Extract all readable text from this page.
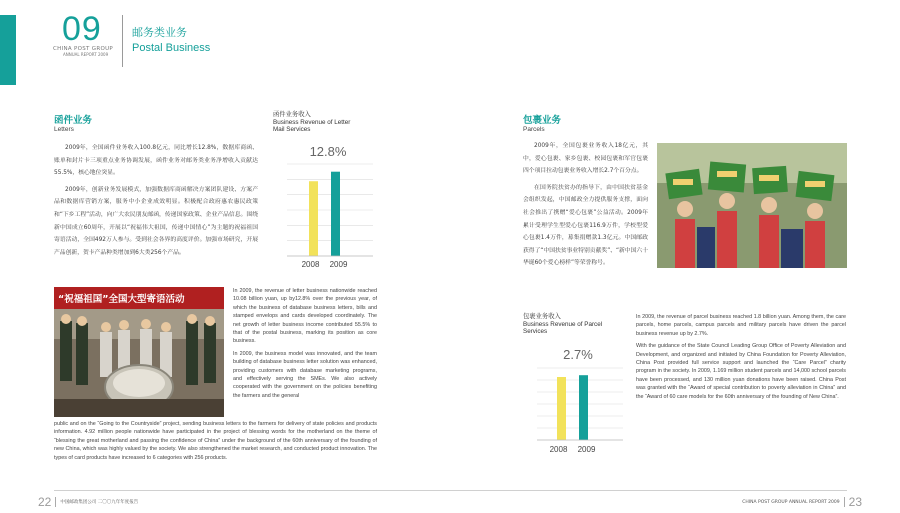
09
CHINA POST GROUP
ANNUAL REPORT 2009
邮务类业务
Postal Business
函件业务
Letters

2009年，全国函件业务收入100.8亿元，同比增长12.8%，数据库商函、账单和封片卡三项重点业务协调发展，函件业务对邮务类业务净增收入贡献达55.5%，核心地位突显。

2009年，创新业务发展模式，加强数据库商函解决方案团队建设、方案产品和数据库营销方案，服务中小企业成效明显。积极配合政府惠农惠民政策和“下乡工程”活动，向广大农民朋友邮函，传递国家政策、企业产品信息。围绕新中国成立60周年，开展以“祝福伟大祖国，传递中国情心”为主题的祝福祖国寄语活动，全国492万人参与。受到社会各界的高度评价。加强市场研究，开展产品创新，贺卡产品种类增加到6大类256个产品。

函件业务收入
Business Revenue of Letter
Mail Services
2008 2009
12.8%
“祝福祖国”全国大型寄语活动

In 2009, the revenue of letter business nationwide reached 10.08 billion yuan, up by12.8% over the previous year, of which the business of database business letters, bills and stamped envelops and cards developed coordinately. The net growth of letter business income contributed 55.5% to that of the postal business, marking its position as core business.

In 2009, the business model was innovated, and the team building of database business letter solution was enhanced, providing customers with database marketing programs, and effectively serving the SMEs. We also actively cooperated with the government on the policies benefiting the farmers and the general

public and on the “Going to the Countryside” project, sending business letters to the farmers for delivery of state policies and products information. 4.92 million people nationwide have participated in the project of blessing words for the motherland on the theme of “blessing the great motherland and passing the confidence of China” under the background of the 60th anniversary of the founding of new China, which was highly valued by the society. We also strengthened the market research, and conducted product innovation. The types of card products have increased to 6 categories with 256 products.

包裹业务
Parcels

2009年，全国包裹业务收入18亿元，其中，爱心包裹、家乡包裹、校园包裹和军官包裹四个项目拉动包裹业务收入增长2.7个百分点。

在国务院扶贫办的指导下，由中国扶贫基金会组织发起，中国邮政全力提供服务支撑，面向社会推出了携赠“爱心包裹”公益活动。2009年累计受理学生型爱心包裹116.9万件，学校型爱心包裹1.4万件，募集捐赠款1.3亿元。中国邮政获得了“中国扶贫事业特别贡献奖”、“新中国六十华诞60个爱心榜样”等荣誉称号。

包裹业务收入
Business Revenue of Parcel
Services
2008 2009
2.7%

In 2009, the revenue of parcel business reached 1.8 billion yuan. Among them, the care parcels, home parcels, campus parcels and military parcels have driven the parcel business revenue up by 2.7%.

With the guidance of the State Council Leading Group Office of Poverty Alleviation and Development, and organized and initiated by China Foundation for Poverty Alleviation, China Post provided full service support and launched the “Care Parcel” charity program in the society. In 2009, 1.169 million student parcels and 14,000 school parcels have been processed, and 130 million yuan donations have been raised. China Post was granted with the “Award of special contribution to poverty alleviation in China” and the “Award of 60 care models for the 60th anniversary of the founding of New China”.

22 中国邮政集团公司 二〇〇九年年度报告	CHINA POST GROUP ANNUAL REPORT 2009 23
